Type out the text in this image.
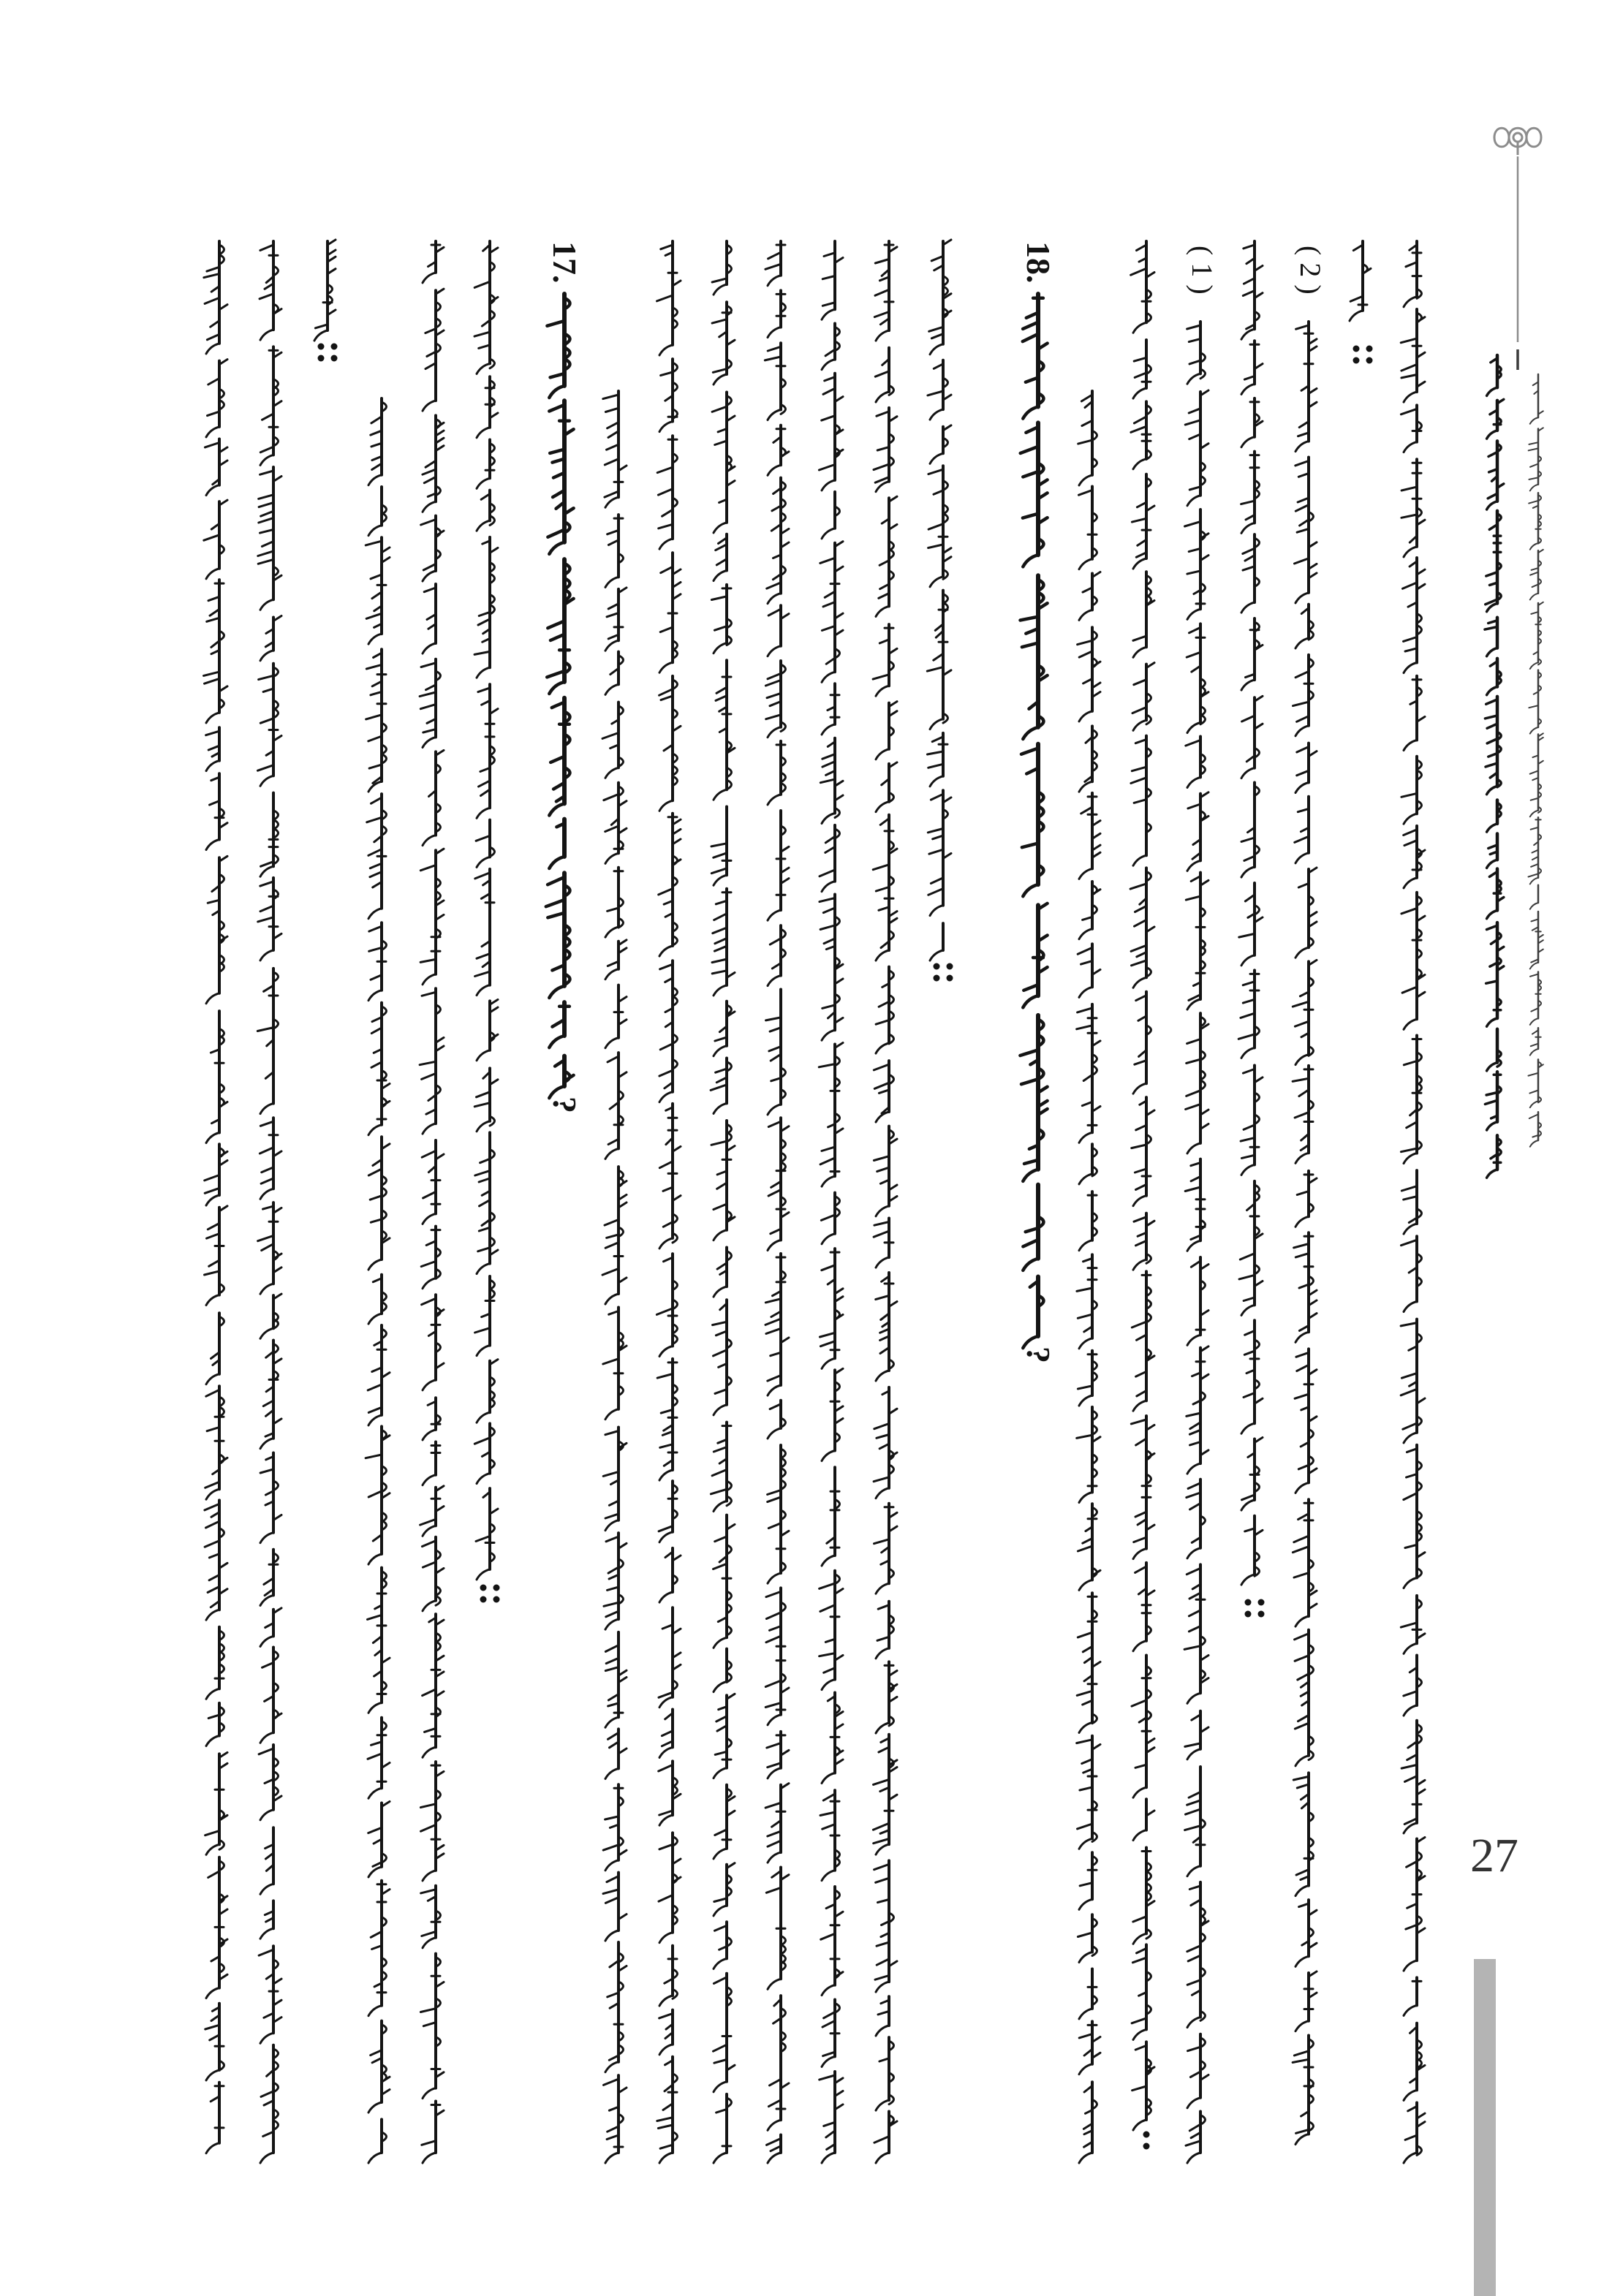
17.
?
18.
?
( 1 )	( 2 )
27
